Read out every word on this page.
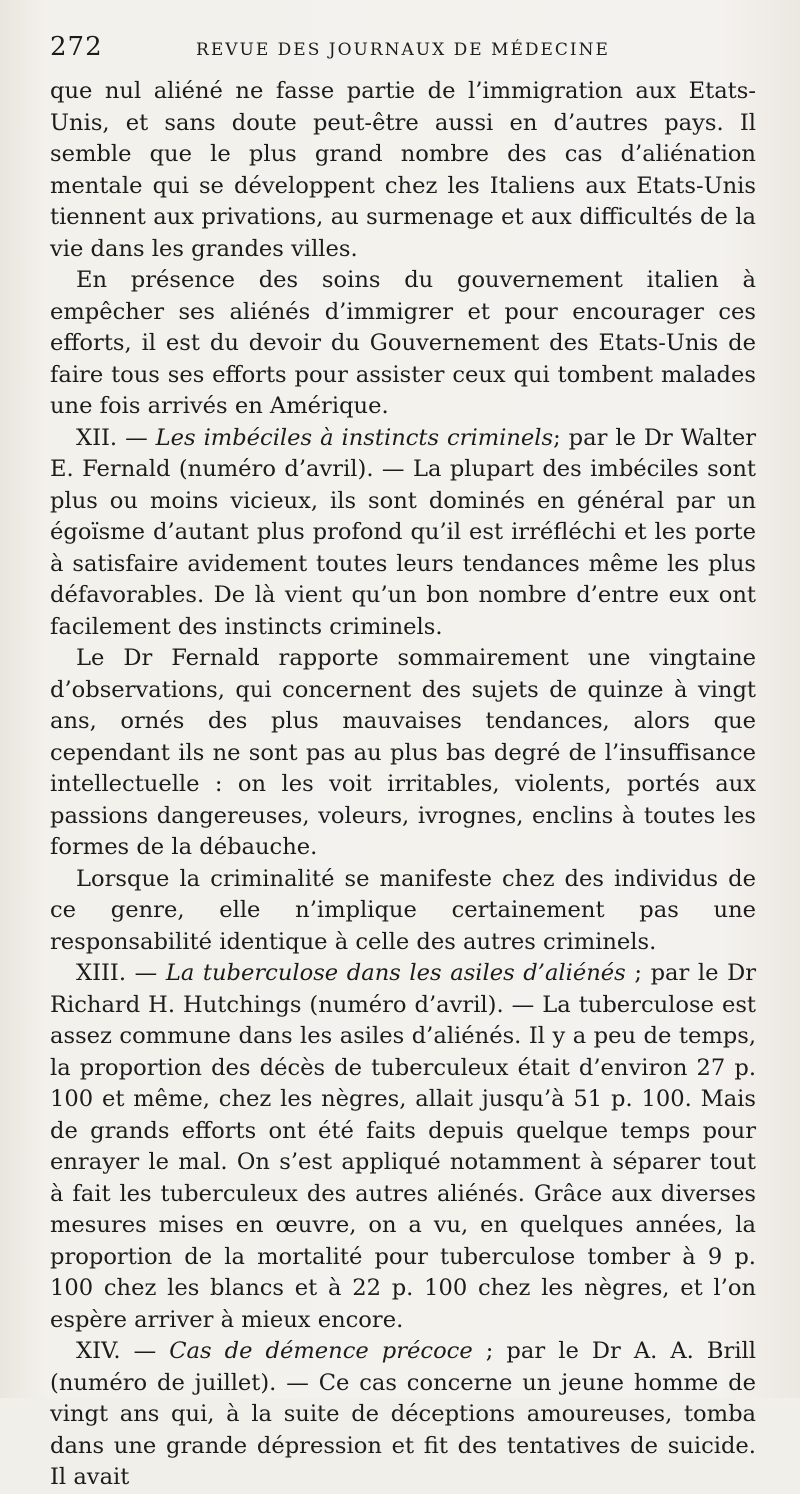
272	REVUE DES JOURNAUX DE MÉDECINE

que nul aliéné ne fasse partie de l’immigration aux Etats-Unis, et sans doute peut-être aussi en d’autres pays. Il semble que le plus grand nombre des cas d’aliénation mentale qui se développent chez les Italiens aux Etats-Unis tiennent aux privations, au surmenage et aux difficultés de la vie dans les grandes villes.

En présence des soins du gouvernement italien à empêcher ses aliénés d’immigrer et pour encourager ces efforts, il est du devoir du Gouvernement des Etats-Unis de faire tous ses efforts pour assister ceux qui tombent malades une fois arrivés en Amérique.

XII. — Les imbéciles à instincts criminels; par le Dr Walter E. Fernald (numéro d’avril). — La plupart des imbéciles sont plus ou moins vicieux, ils sont dominés en général par un égoïsme d’autant plus profond qu’il est irréfléchi et les porte à satisfaire avidement toutes leurs tendances même les plus défavorables. De là vient qu’un bon nombre d’entre eux ont facilement des instincts criminels.

Le Dr Fernald rapporte sommairement une vingtaine d’observations, qui concernent des sujets de quinze à vingt ans, ornés des plus mauvaises tendances, alors que cependant ils ne sont pas au plus bas degré de l’insuffisance intellectuelle : on les voit irritables, violents, portés aux passions dangereuses, voleurs, ivrognes, enclins à toutes les formes de la débauche.

Lorsque la criminalité se manifeste chez des individus de ce genre, elle n’implique certainement pas une responsabilité identique à celle des autres criminels.

XIII. — La tuberculose dans les asiles d’aliénés ; par le Dr Richard H. Hutchings (numéro d’avril). — La tuberculose est assez commune dans les asiles d’aliénés. Il y a peu de temps, la proportion des décès de tuberculeux était d’environ 27 p. 100 et même, chez les nègres, allait jusqu’à 51 p. 100. Mais de grands efforts ont été faits depuis quelque temps pour enrayer le mal. On s’est appliqué notamment à séparer tout à fait les tuberculeux des autres aliénés. Grâce aux diverses mesures mises en œuvre, on a vu, en quelques années, la proportion de la mortalité pour tuberculose tomber à 9 p. 100 chez les blancs et à 22 p. 100 chez les nègres, et l’on espère arriver à mieux encore.

XIV. — Cas de démence précoce ; par le Dr A. A. Brill (numéro de juillet). — Ce cas concerne un jeune homme de vingt ans qui, à la suite de déceptions amoureuses, tomba dans une grande dépression et fit des tentatives de suicide. Il avait
